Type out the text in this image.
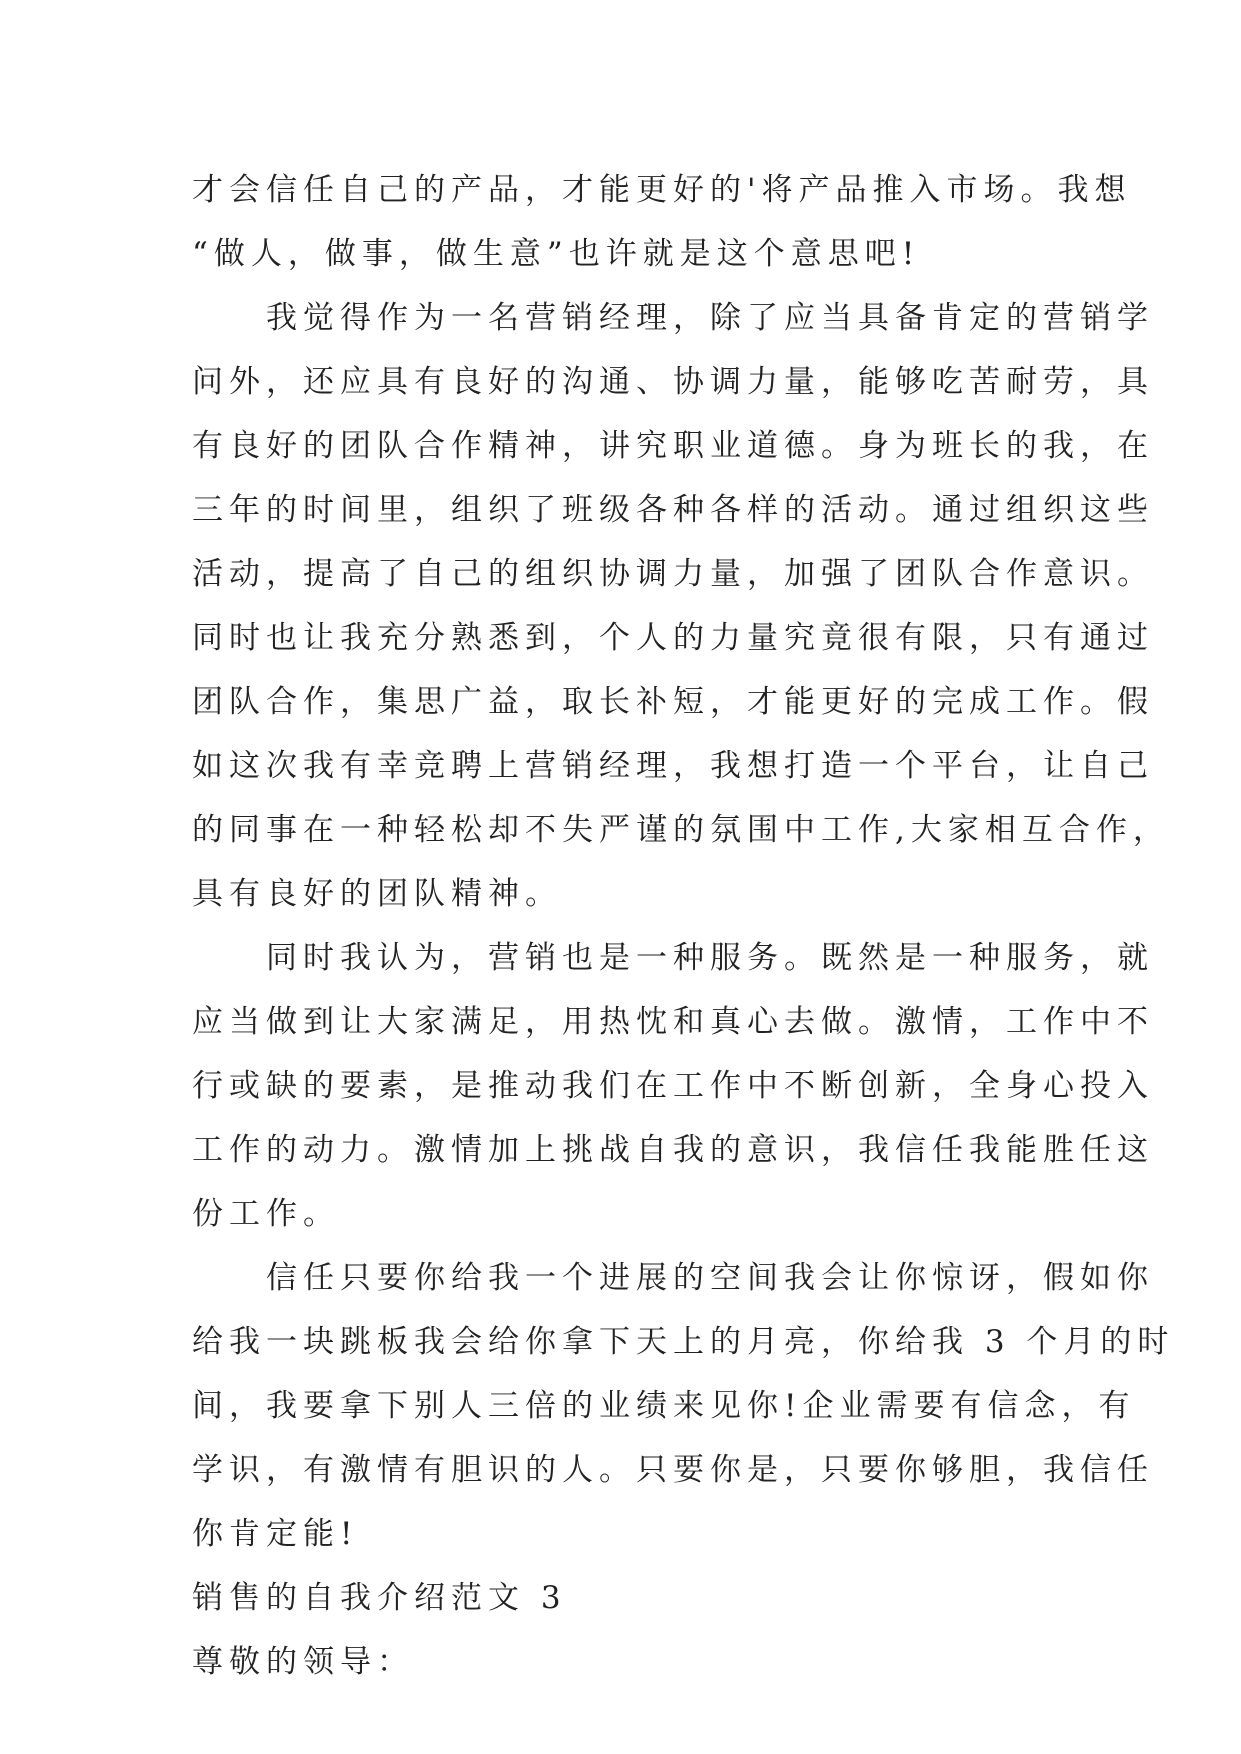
才会信任自己的产品，才能更好的'将产品推入市场。我想
“做人，做事，做生意”也许就是这个意思吧!
　　我觉得作为一名营销经理，除了应当具备肯定的营销学
问外，还应具有良好的沟通、协调力量，能够吃苦耐劳，具
有良好的团队合作精神，讲究职业道德。身为班长的我，在
三年的时间里，组织了班级各种各样的活动。通过组织这些
活动，提高了自己的组织协调力量，加强了团队合作意识。
同时也让我充分熟悉到，个人的力量究竟很有限，只有通过
团队合作，集思广益，取长补短，才能更好的完成工作。假
如这次我有幸竞聘上营销经理，我想打造一个平台，让自己
的同事在一种轻松却不失严谨的氛围中工作,大家相互合作，
具有良好的团队精神。
　　同时我认为，营销也是一种服务。既然是一种服务，就
应当做到让大家满足，用热忱和真心去做。激情，工作中不
行或缺的要素，是推动我们在工作中不断创新，全身心投入
工作的动力。激情加上挑战自我的意识，我信任我能胜任这
份工作。
　　信任只要你给我一个进展的空间我会让你惊讶，假如你
给我一块跳板我会给你拿下天上的月亮，你给我 3 个月的时
间，我要拿下别人三倍的业绩来见你!企业需要有信念，有
学识，有激情有胆识的人。只要你是，只要你够胆，我信任
你肯定能!
销售的自我介绍范文 3
尊敬的领导：
